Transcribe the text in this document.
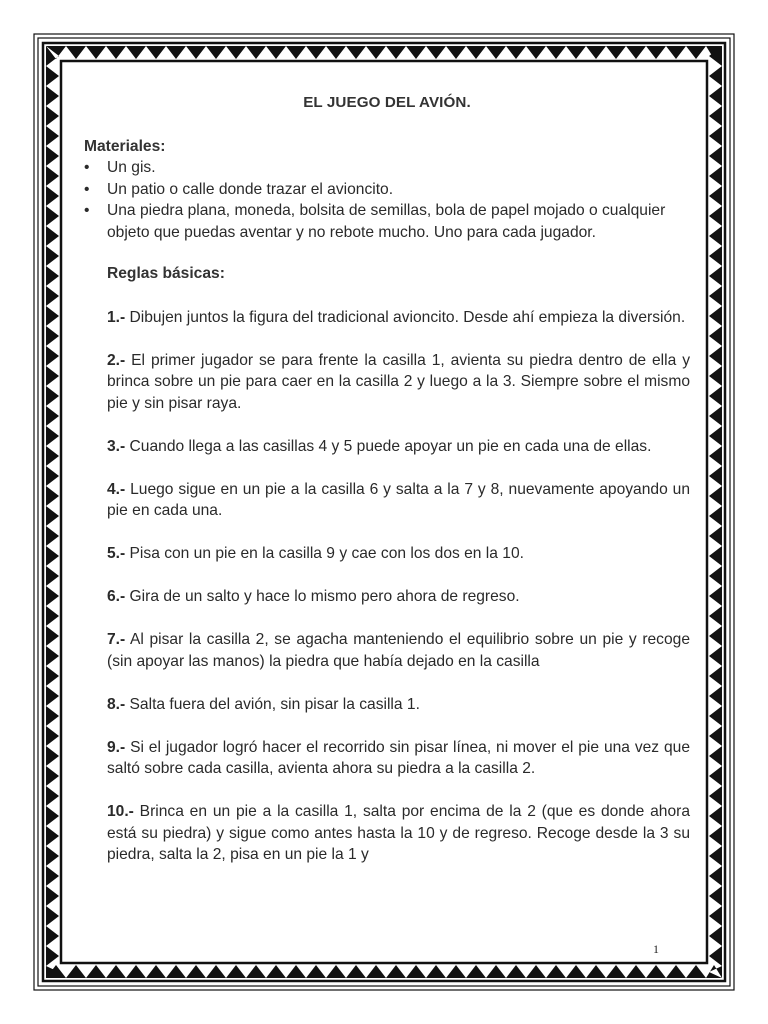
EL JUEGO DEL AVIÓN.
Materiales:
•	Un gis.
•	Un patio o calle donde trazar el avioncito.
•	Una piedra plana, moneda, bolsita de semillas, bola de papel mojado o cualquier objeto que puedas aventar y no rebote mucho. Uno para cada jugador.
Reglas básicas:
1.- Dibujen juntos la figura del tradicional avioncito. Desde ahí empieza la diversión.
2.- El primer jugador se para frente la casilla 1, avienta su piedra dentro de ella y brinca sobre un pie para caer en la casilla 2 y luego a la 3. Siempre sobre el mismo pie y sin pisar raya.
3.- Cuando llega a las casillas 4 y 5 puede apoyar un pie en cada una de ellas.
4.- Luego sigue en un pie a la casilla 6 y salta a la 7 y 8, nuevamente apoyando un pie en cada una.
5.- Pisa con un pie en la casilla 9 y cae con los dos en la 10.
6.- Gira de un salto y hace lo mismo pero ahora de regreso.
7.- Al pisar la casilla 2, se agacha manteniendo el equilibrio sobre un pie y recoge (sin apoyar las manos) la piedra que había dejado en la casilla
8.- Salta fuera del avión, sin pisar la casilla 1.
9.- Si el jugador logró hacer el recorrido sin pisar línea, ni mover el pie una vez que saltó sobre cada casilla, avienta ahora su piedra a la casilla 2.
10.- Brinca en un pie a la casilla 1, salta por encima de la 2 (que es donde ahora está su piedra) y sigue como antes hasta la 10 y de regreso. Recoge desde la 3 su piedra, salta la 2, pisa en un pie la 1 y
1
